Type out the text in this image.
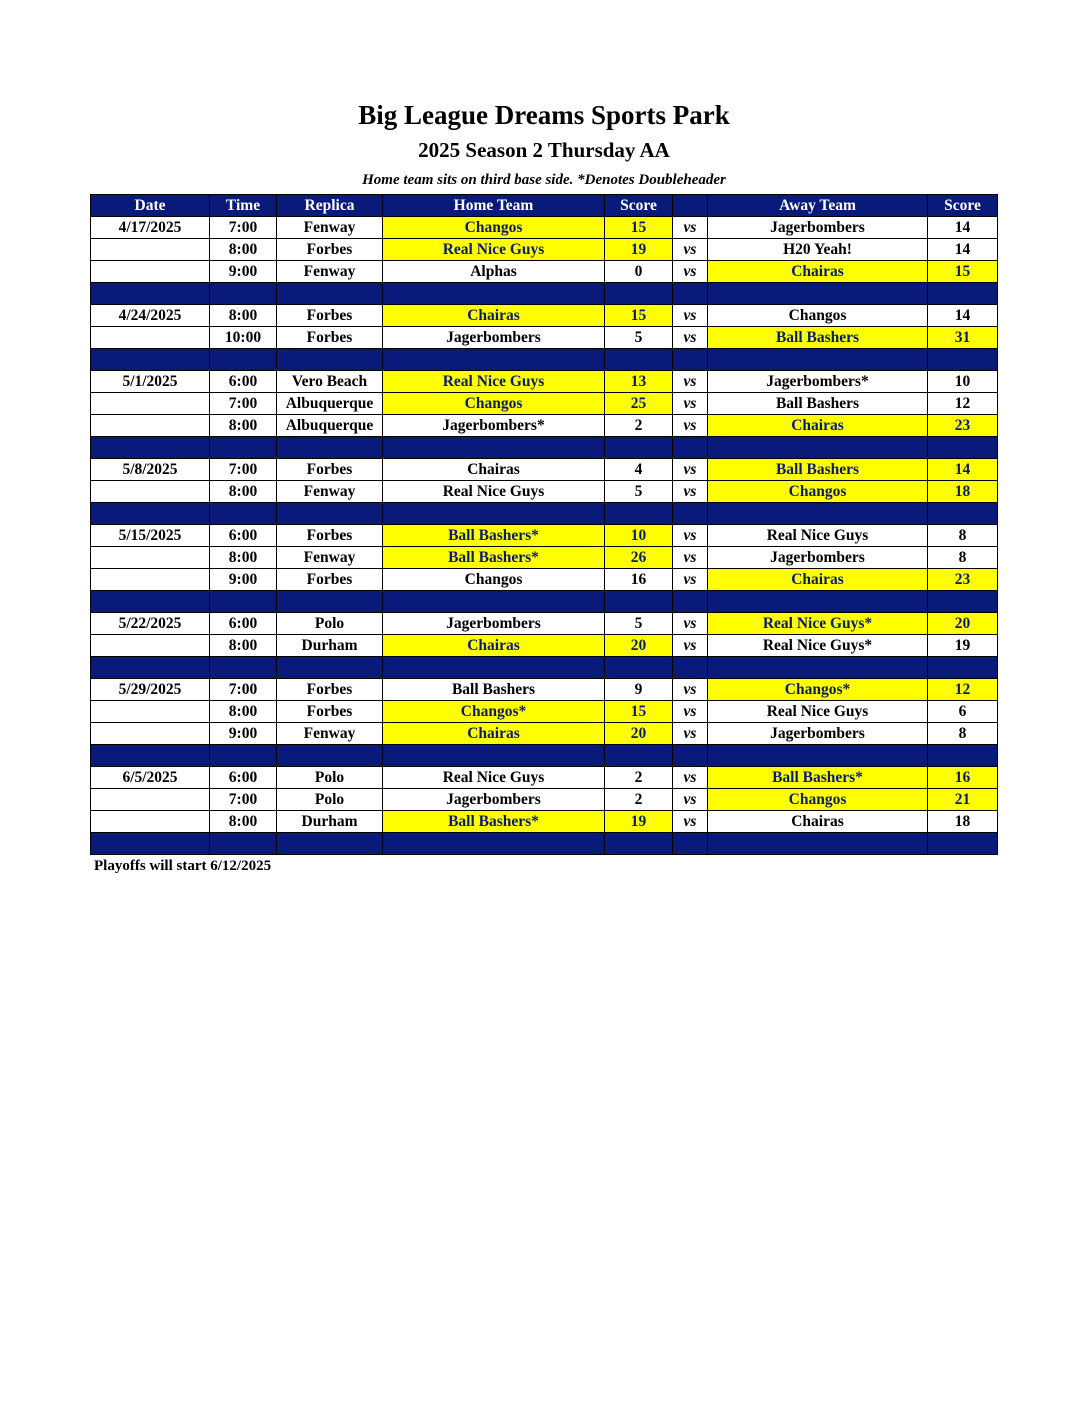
Big League Dreams Sports Park
2025 Season 2 Thursday AA
Home team sits on third base side. *Denotes Doubleheader
Date	Time	Replica	Home Team	Score		Away Team	Score
4/17/2025	7:00	Fenway	Changos	15	vs	Jagerbombers	14
	8:00	Forbes	Real Nice Guys	19	vs	H20 Yeah!	14
	9:00	Fenway	Alphas	0	vs	Chairas	15

4/24/2025	8:00	Forbes	Chairas	15	vs	Changos	14
	10:00	Forbes	Jagerbombers	5	vs	Ball Bashers	31

5/1/2025	6:00	Vero Beach	Real Nice Guys	13	vs	Jagerbombers*	10
	7:00	Albuquerque	Changos	25	vs	Ball Bashers	12
	8:00	Albuquerque	Jagerbombers*	2	vs	Chairas	23

5/8/2025	7:00	Forbes	Chairas	4	vs	Ball Bashers	14
	8:00	Fenway	Real Nice Guys	5	vs	Changos	18

5/15/2025	6:00	Forbes	Ball Bashers*	10	vs	Real Nice Guys	8
	8:00	Fenway	Ball Bashers*	26	vs	Jagerbombers	8
	9:00	Forbes	Changos	16	vs	Chairas	23

5/22/2025	6:00	Polo	Jagerbombers	5	vs	Real Nice Guys*	20
	8:00	Durham	Chairas	20	vs	Real Nice Guys*	19

5/29/2025	7:00	Forbes	Ball Bashers	9	vs	Changos*	12
	8:00	Forbes	Changos*	15	vs	Real Nice Guys	6
	9:00	Fenway	Chairas	20	vs	Jagerbombers	8

6/5/2025	6:00	Polo	Real Nice Guys	2	vs	Ball Bashers*	16
	7:00	Polo	Jagerbombers	2	vs	Changos	21
	8:00	Durham	Ball Bashers*	19	vs	Chairas	18

Playoffs will start 6/12/2025
